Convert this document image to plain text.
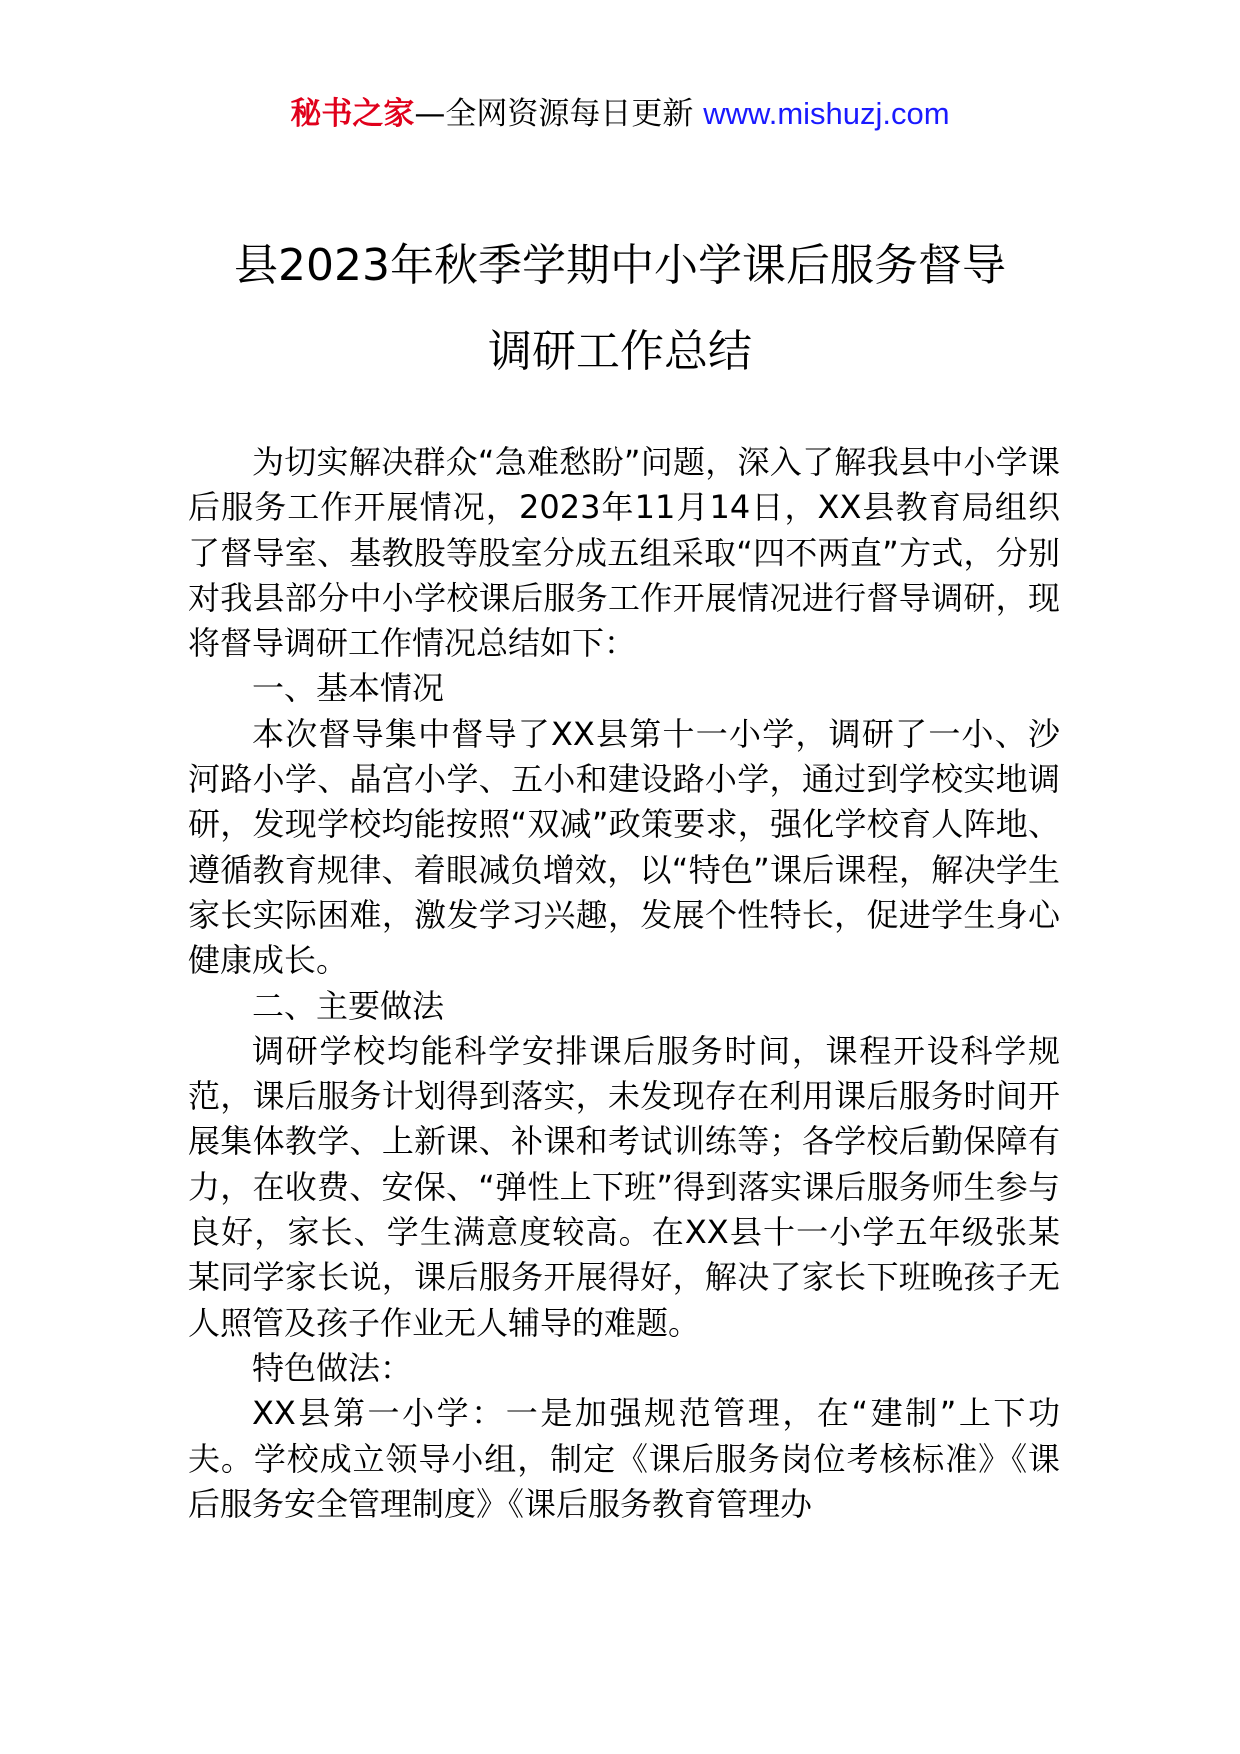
秘书之家—全网资源每日更新 www.mishuzj.com
县2023年秋季学期中小学课后服务督导
调研工作总结

为切实解决群众“急难愁盼”问题，深入了解我县中小学课后服务工作开展情况，2023年11月14日，XX县教育局组织了督导室、基教股等股室分成五组采取“四不两直”方式，分别对我县部分中小学校课后服务工作开展情况进行督导调研，现将督导调研工作情况总结如下：

一、基本情况

本次督导集中督导了XX县第十一小学，调研了一小、沙河路小学、晶宫小学、五小和建设路小学，通过到学校实地调研，发现学校均能按照“双减”政策要求，强化学校育人阵地、遵循教育规律、着眼减负增效，以“特色”课后课程，解决学生家长实际困难，激发学习兴趣，发展个性特长，促进学生身心健康成长。

二、主要做法

调研学校均能科学安排课后服务时间，课程开设科学规范，课后服务计划得到落实，未发现存在利用课后服务时间开展集体教学、上新课、补课和考试训练等；各学校后勤保障有力，在收费、安保、“弹性上下班”得到落实课后服务师生参与良好，家长、学生满意度较高。在XX县十一小学五年级张某某同学家长说，课后服务开展得好，解决了家长下班晚孩子无人照管及孩子作业无人辅导的难题。

特色做法：

XX县第一小学：一是加强规范管理，在“建制”上下功夫。学校成立领导小组，制定《课后服务岗位考核标准》《课后服务安全管理制度》《课后服务教育管理办
